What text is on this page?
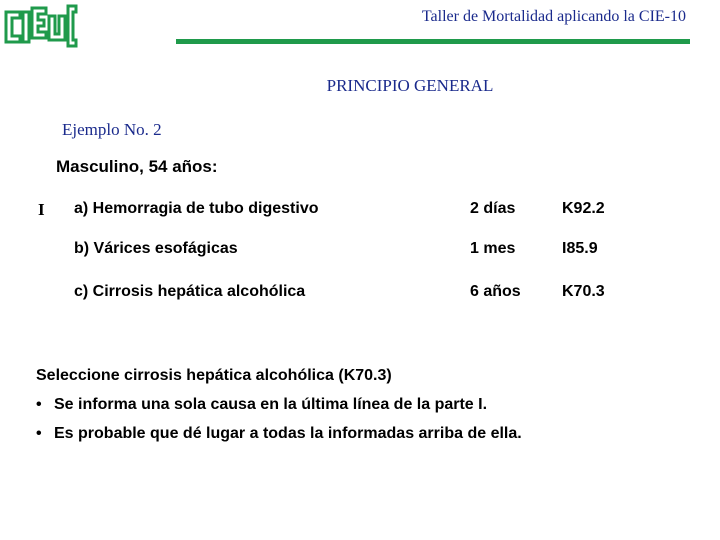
Taller de Mortalidad aplicando la CIE-10
PRINCIPIO GENERAL
Ejemplo No. 2
Masculino, 54 años:
I a) Hemorragia de tubo digestivo	2 días	K92.2
b) Várices esofágicas	1 mes	I85.9
c) Cirrosis hepática alcohólica	6 años	K70.3
Seleccione cirrosis hepática alcohólica (K70.3)
• Se informa una sola causa en la última línea de la parte I.
• Es probable que dé lugar a todas la informadas arriba de ella.
